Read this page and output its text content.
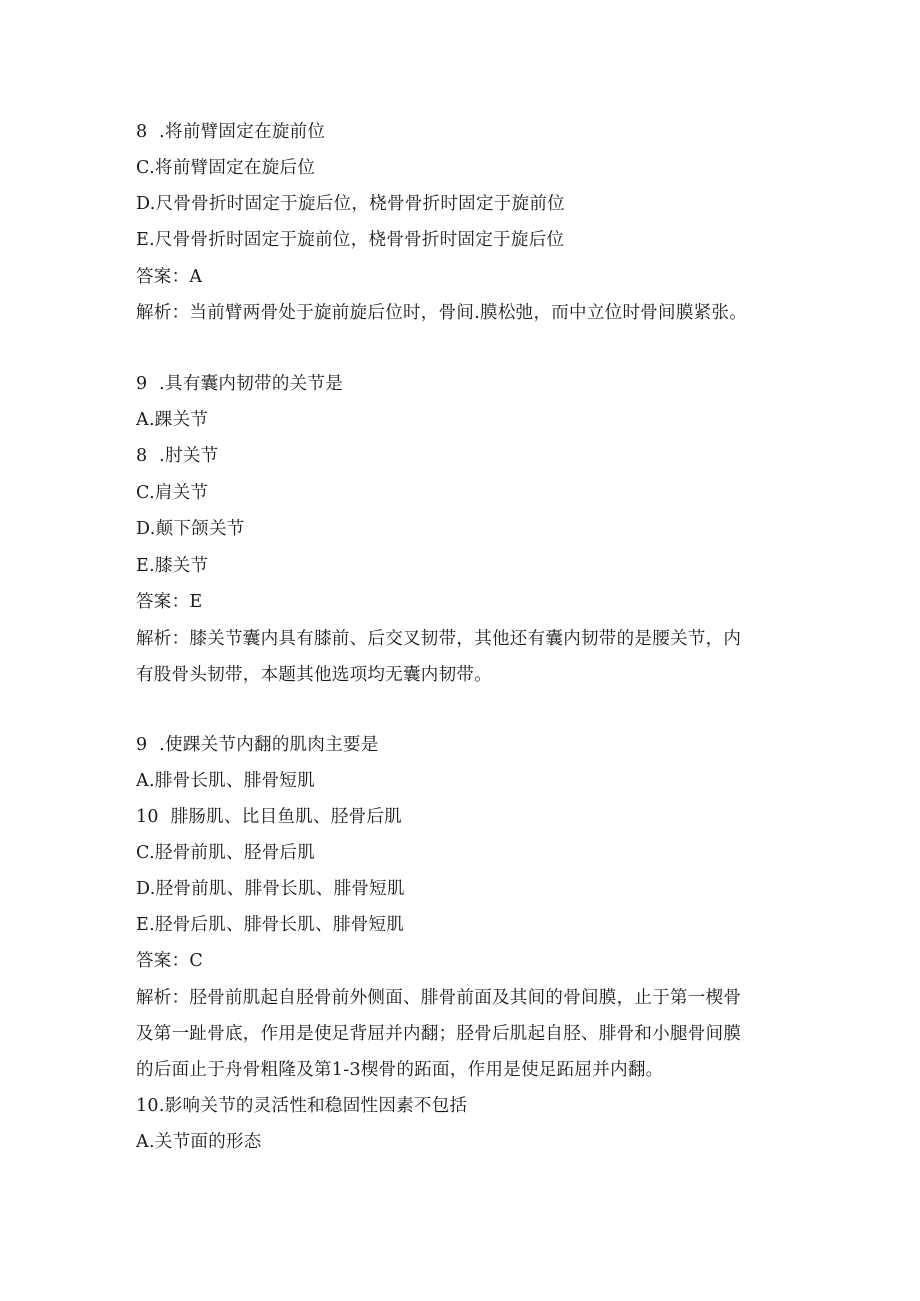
8  .将前臂固定在旋前位
C.将前臂固定在旋后位
D.尺骨骨折时固定于旋后位，桡骨骨折时固定于旋前位
E.尺骨骨折时固定于旋前位，桡骨骨折时固定于旋后位
答案：A
解析：当前臂两骨处于旋前旋后位时，骨间.膜松弛，而中立位时骨间膜紧张。
9  .具有囊内韧带的关节是
A.踝关节
8  .肘关节
C.肩关节
D.颠下颌关节
E.膝关节
答案：E
解析：膝关节囊内具有膝前、后交叉韧带，其他还有囊内韧带的是腰关节，内
有股骨头韧带，本题其他选项均无囊内韧带。
9  .使踝关节内翻的肌肉主要是
A.腓骨长肌、腓骨短肌
10  腓肠肌、比目鱼肌、胫骨后肌
C.胫骨前肌、胫骨后肌
D.胫骨前肌、腓骨长肌、腓骨短肌
E.胫骨后肌、腓骨长肌、腓骨短肌
答案：C
解析：胫骨前肌起自胫骨前外侧面、腓骨前面及其间的骨间膜，止于第一楔骨
及第一趾骨底，作用是使足背屈并内翻；胫骨后肌起自胫、腓骨和小腿骨间膜
的后面止于舟骨粗隆及第1-3楔骨的跖面，作用是使足跖屈并内翻。
10.影响关节的灵活性和稳固性因素不包括
A.关节面的形态
